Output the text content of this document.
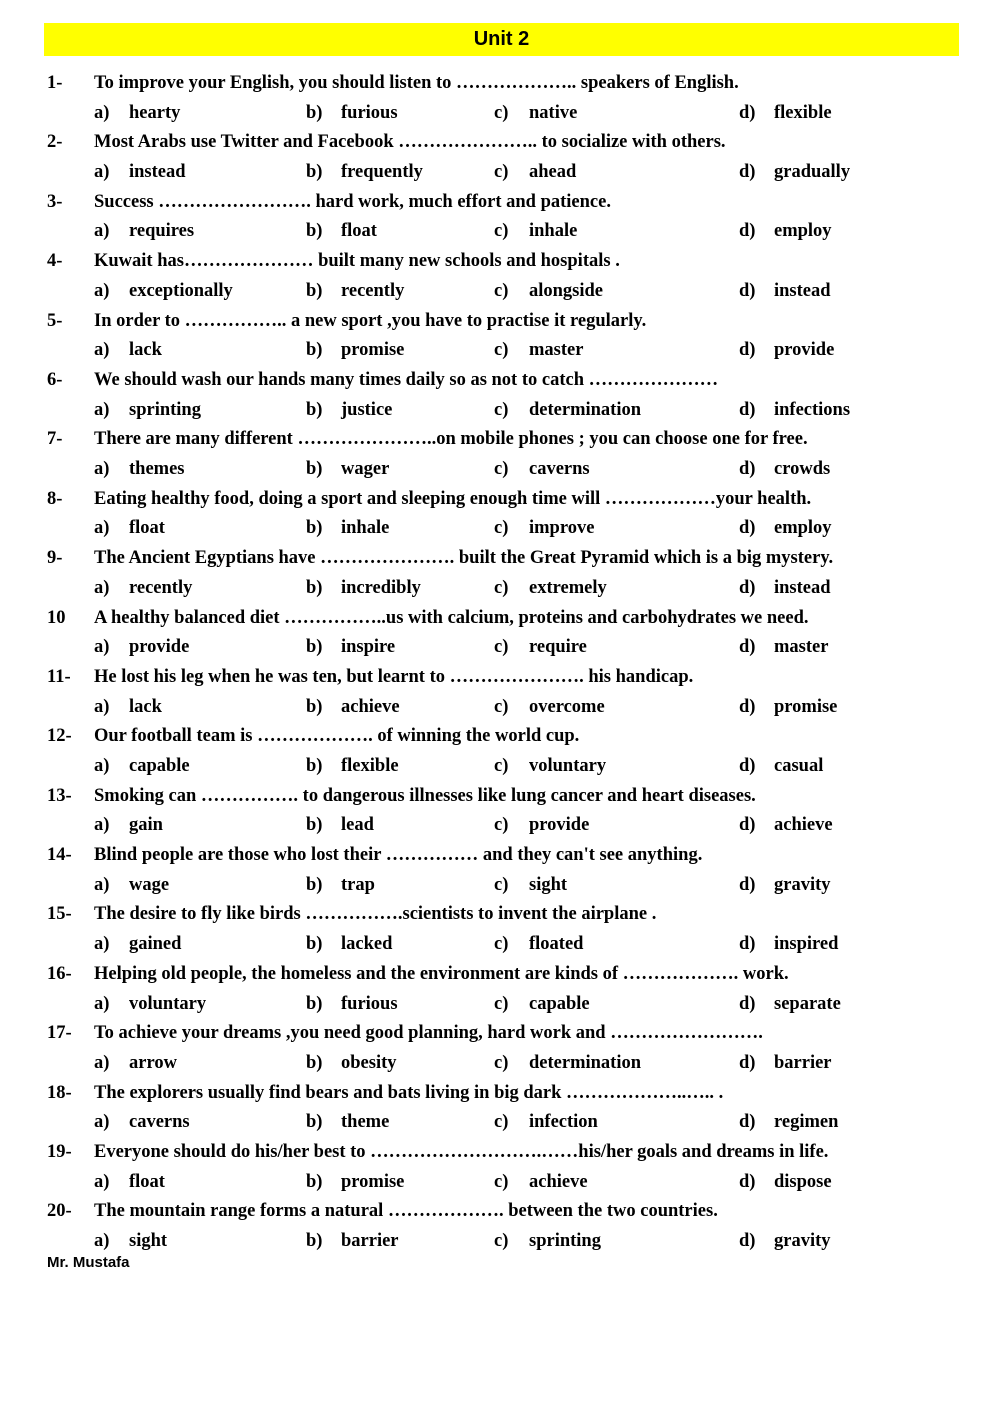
Unit 2
1- To improve your English, you should listen to ……………….. speakers of English.
a) hearty	b) furious	c) native	d) flexible
2- Most Arabs use Twitter and Facebook ………………….. to socialize with others.
a) instead	b) frequently	c) ahead	d) gradually
3- Success ……………………. hard work, much effort and patience.
a) requires	b) float	c) inhale	d) employ
4- Kuwait has………………… built many new schools and hospitals .
a) exceptionally	b) recently	c) alongside	d) instead
5- In order to …………….. a new sport ,you have to practise it regularly.
a) lack	b) promise	c) master	d) provide
6- We should wash our hands many times daily so as not to catch …………………
a) sprinting	b) justice	c) determination	d) infections
7- There are many different …………………..on mobile phones ; you can choose one for free.
a) themes	b) wager	c) caverns	d) crowds
8- Eating healthy food, doing a sport and sleeping enough time will ………………your health.
a) float	b) inhale	c) improve	d) employ
9- The Ancient Egyptians have …………………. built the Great Pyramid which is a big mystery.
a) recently	b) incredibly	c) extremely	d) instead
10 A healthy balanced diet ……………..us with calcium, proteins and carbohydrates we need.
a) provide	b) inspire	c) require	d) master
11- He lost his leg when he was ten, but learnt to …………………. his handicap.
a) lack	b) achieve	c) overcome	d) promise
12- Our football team is ………………. of winning the world cup.
a) capable	b) flexible	c) voluntary	d) casual
13- Smoking can ……………. to dangerous illnesses like lung cancer and heart diseases.
a) gain	b) lead	c) provide	d) achieve
14- Blind people are those who lost their …………… and they can't see anything.
a) wage	b) trap	c) sight	d) gravity
15- The desire to fly like birds …………….scientists to invent the airplane .
a) gained	b) lacked	c) floated	d) inspired
16- Helping old people, the homeless and the environment are kinds of ………………. work.
a) voluntary	b) furious	c) capable	d) separate
17- To achieve your dreams ,you need good planning, hard work and …………………….
a) arrow	b) obesity	c) determination	d) barrier
18- The explorers usually find bears and bats living in big dark ………………..….. .
a) caverns	b) theme	c) infection	d) regimen
19- Everyone should do his/her best to ……………………….……his/her goals and dreams in life.
a) float	b) promise	c) achieve	d) dispose
20- The mountain range forms a natural ………………. between the two countries.
a) sight	b) barrier	c) sprinting	d) gravity
Mr. Mustafa
